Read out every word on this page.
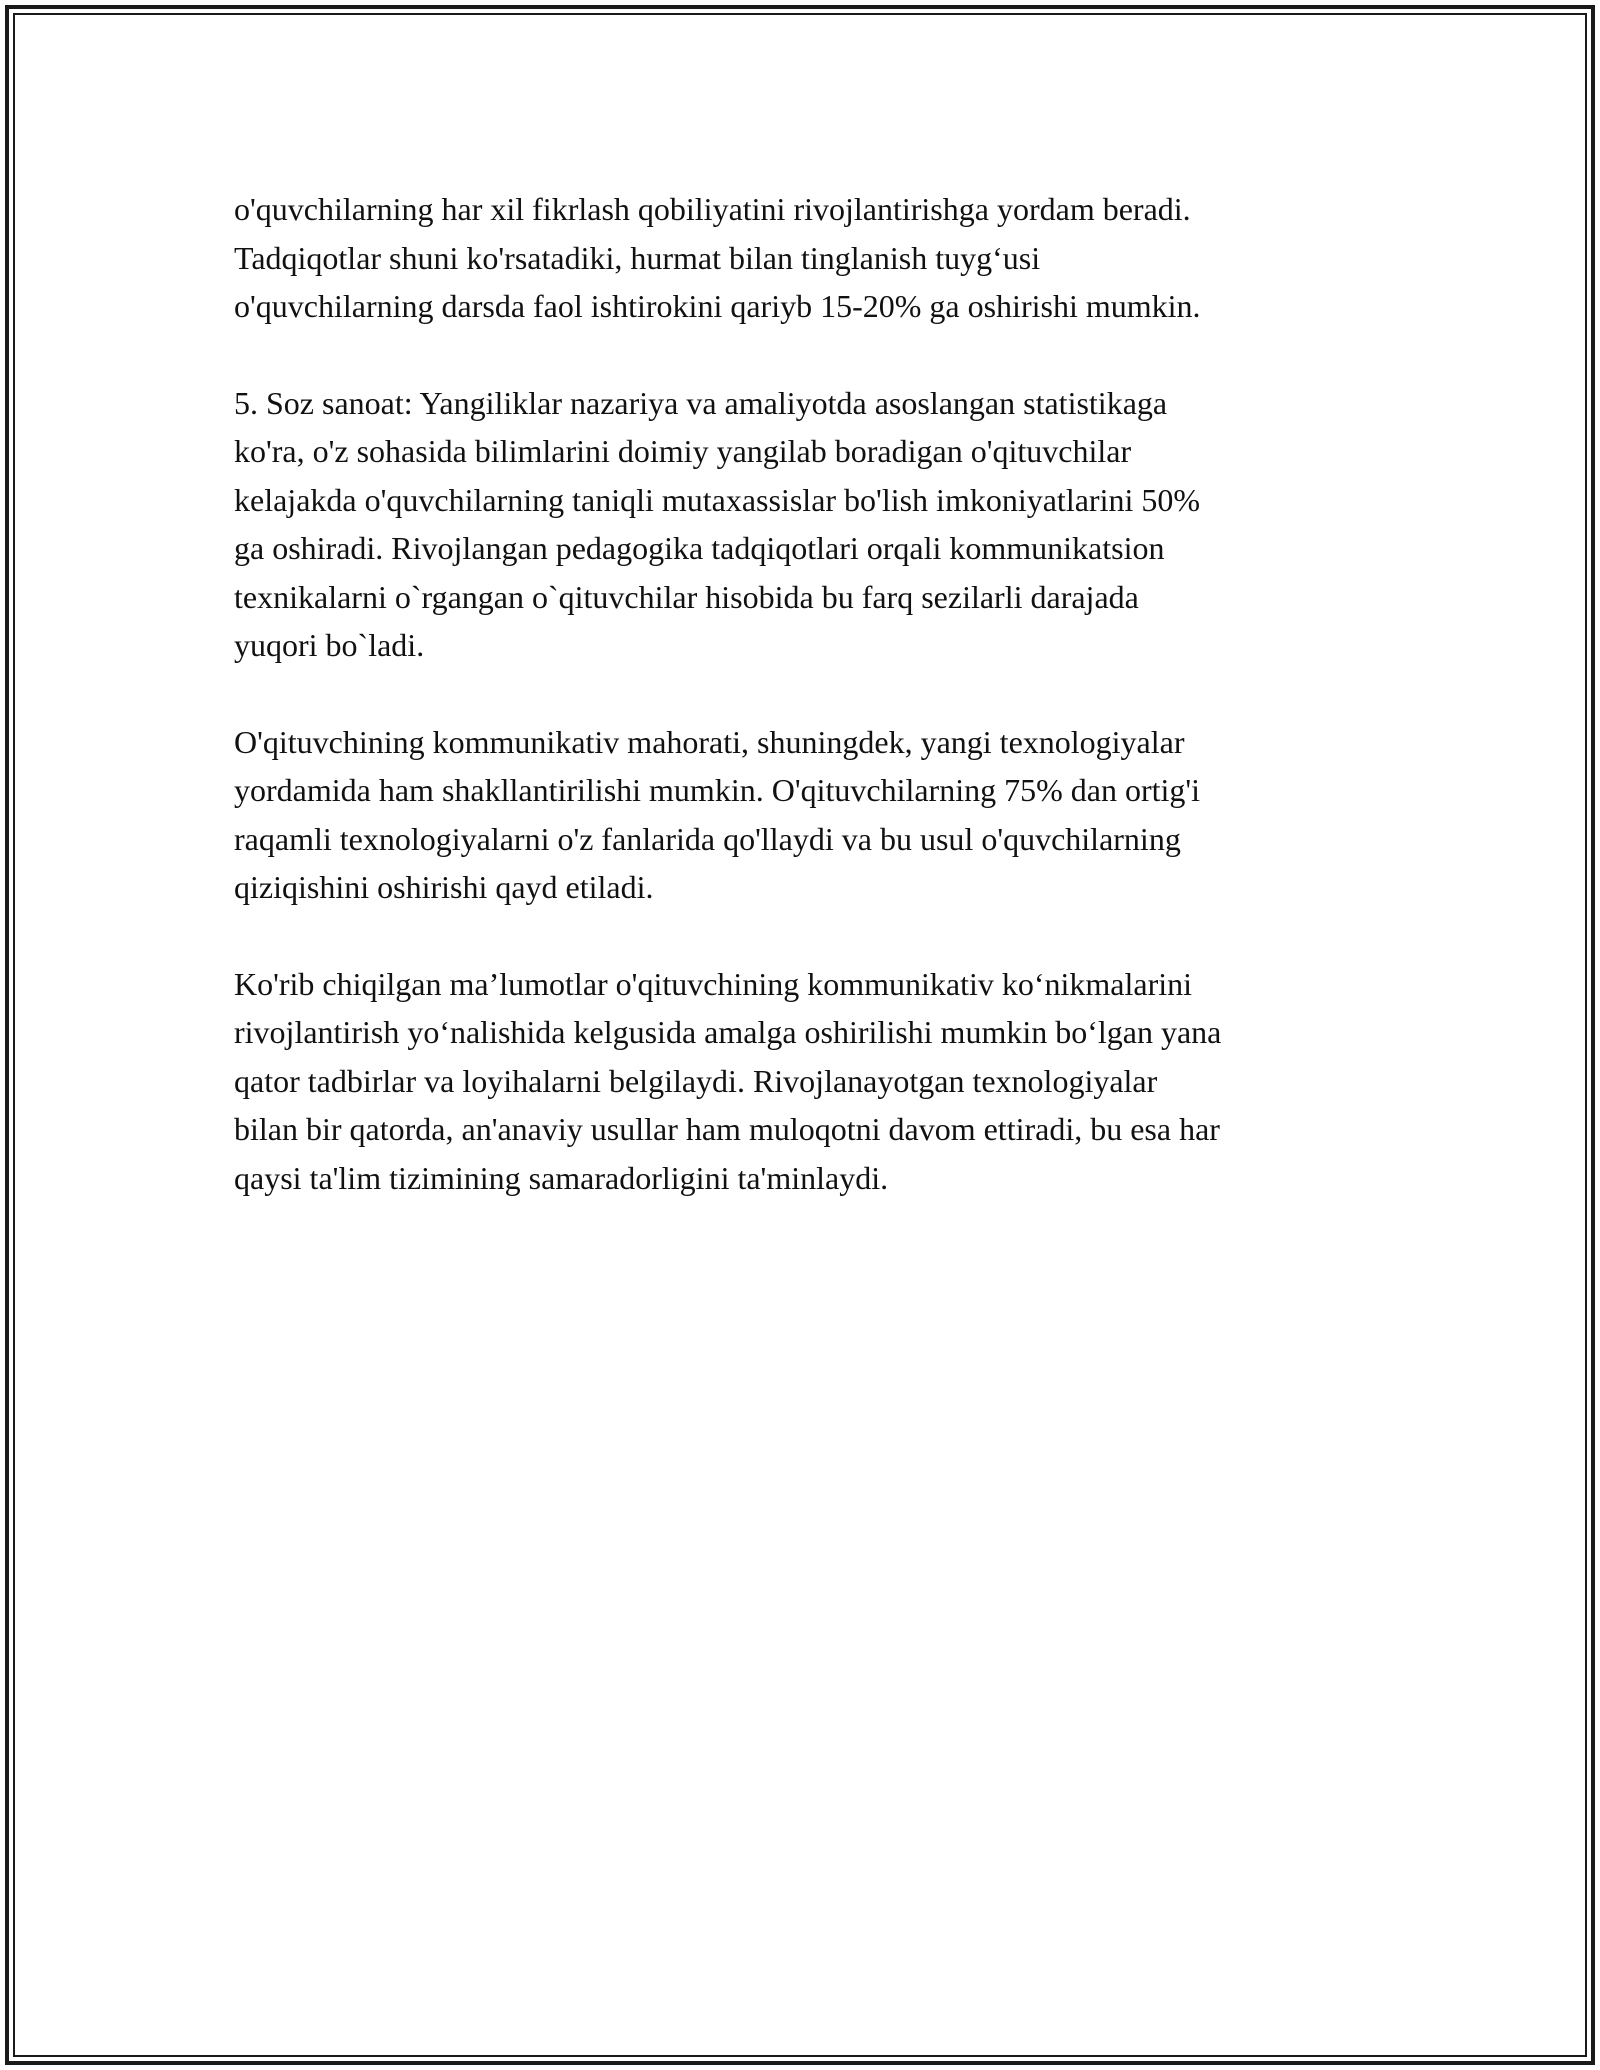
o'quvchilarning har xil fikrlash qobiliyatini rivojlantirishga yordam beradi.
Tadqiqotlar shuni ko'rsatadiki, hurmat bilan tinglanish tuyg‘usi
o'quvchilarning darsda faol ishtirokini qariyb 15-20% ga oshirishi mumkin.

5. Soz sanoat: Yangiliklar nazariya va amaliyotda asoslangan statistikaga
ko'ra, o'z sohasida bilimlarini doimiy yangilab boradigan o'qituvchilar
kelajakda o'quvchilarning taniqli mutaxassislar bo'lish imkoniyatlarini 50%
ga oshiradi. Rivojlangan pedagogika tadqiqotlari orqali kommunikatsion
texnikalarni o`rgangan o`qituvchilar hisobida bu farq sezilarli darajada
yuqori bo`ladi.

O'qituvchining kommunikativ mahorati, shuningdek, yangi texnologiyalar
yordamida ham shakllantirilishi mumkin. O'qituvchilarning 75% dan ortig'i
raqamli texnologiyalarni o'z fanlarida qo'llaydi va bu usul o'quvchilarning
qiziqishini oshirishi qayd etiladi.

Ko'rib chiqilgan ma’lumotlar o'qituvchining kommunikativ ko‘nikmalarini
rivojlantirish yo‘nalishida kelgusida amalga oshirilishi mumkin bo‘lgan yana
qator tadbirlar va loyihalarni belgilaydi. Rivojlanayotgan texnologiyalar
bilan bir qatorda, an'anaviy usullar ham muloqotni davom ettiradi, bu esa har
qaysi ta'lim tizimining samaradorligini ta'minlaydi.
